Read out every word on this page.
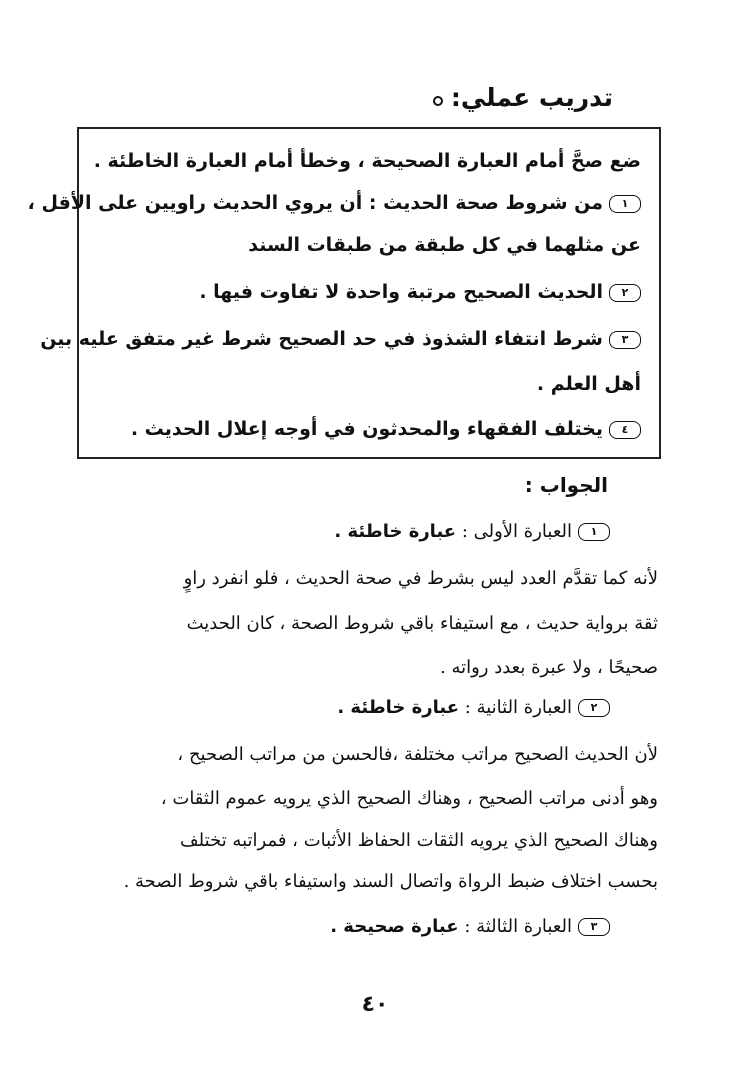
تدريب عملي:
ضع صحَّ أمام العبارة الصحيحة ، وخطأ أمام العبارة الخاطئة .
١من شروط صحة الحديث : أن يروي الحديث راويين على الأقل ،
عن مثلهما في كل طبقة من طبقات السند
٢الحديث الصحيح مرتبة واحدة لا تفاوت فيها .
٣شرط انتفاء الشذوذ في حد الصحيح شرط غير متفق عليه بين
أهل العلم .
٤يختلف الفقهاء والمحدثون في أوجه إعلال الحديث .
الجواب :
١العبارة الأولى : عبارة خاطئة .
لأنه كما تقدَّم العدد ليس بشرط في صحة الحديث ، فلو انفرد راوٍ
ثقة برواية حديث ، مع استيفاء باقي شروط الصحة ، كان الحديث
صحيحًا ، ولا عبرة بعدد رواته .
٢العبارة الثانية : عبارة خاطئة .
لأن الحديث الصحيح مراتب مختلفة ،فالحسن من مراتب الصحيح ،
وهو أدنى مراتب الصحيح ، وهناك الصحيح الذي يرويه عموم الثقات ،
وهناك الصحيح الذي يرويه الثقات الحفاظ الأثبات ، فمراتبه تختلف
بحسب اختلاف ضبط الرواة واتصال السند واستيفاء باقي شروط الصحة .
٣العبارة الثالثة : عبارة صحيحة .
٤٠
